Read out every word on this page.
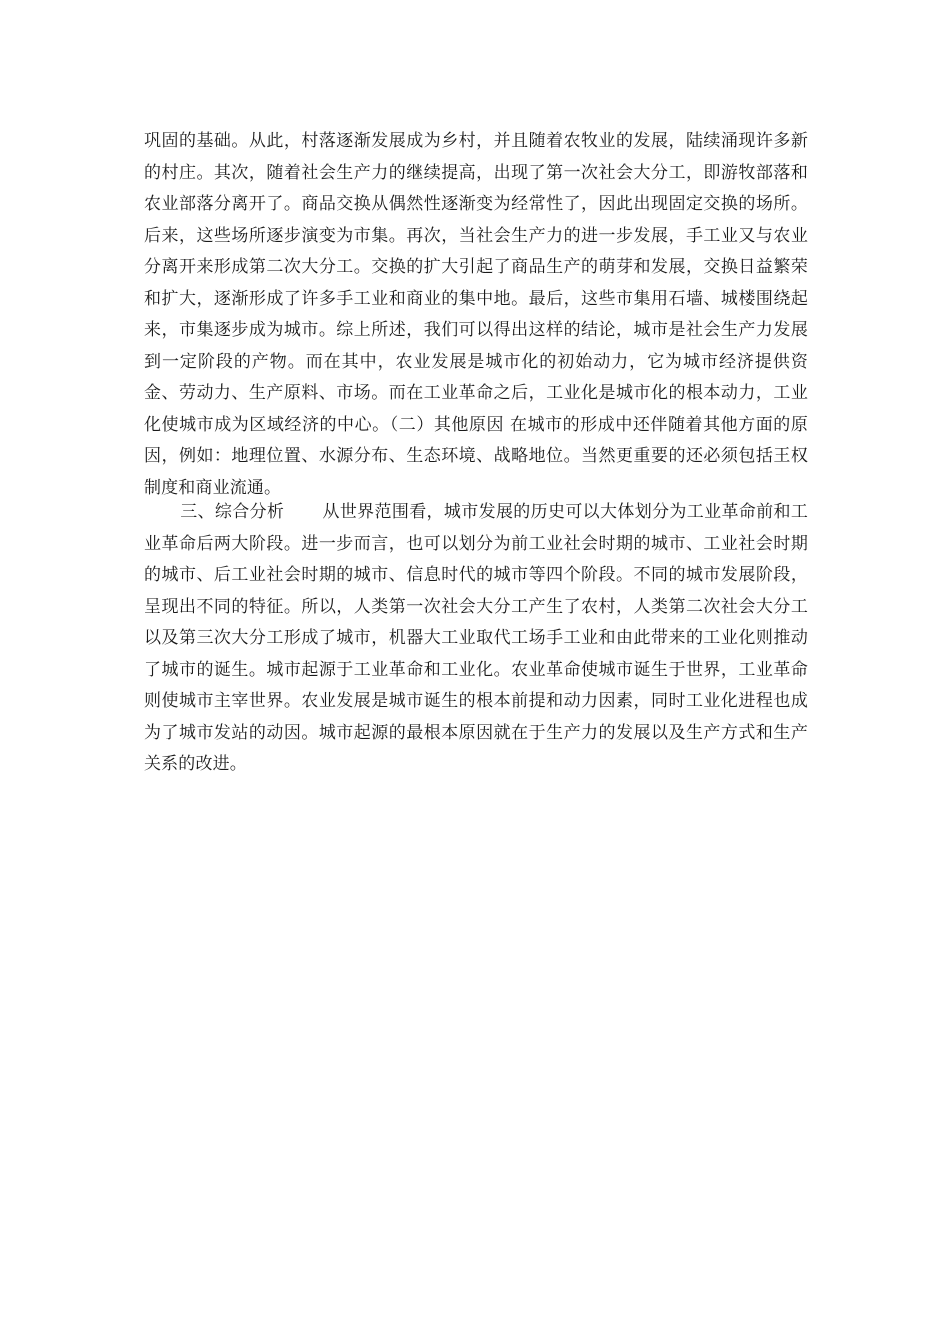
巩固的基础。从此，村落逐渐发展成为乡村，并且随着农牧业的发展，陆续涌现许多新的村庄。其次，随着社会生产力的继续提高，出现了第一次社会大分工，即游牧部落和农业部落分离开了。商品交换从偶然性逐渐变为经常性了，因此出现固定交换的场所。后来，这些场所逐步演变为市集。再次，当社会生产力的进一步发展，手工业又与农业分离开来形成第二次大分工。交换的扩大引起了商品生产的萌芽和发展，交换日益繁荣和扩大，逐渐形成了许多手工业和商业的集中地。最后，这些市集用石墙、城楼围绕起来，市集逐步成为城市。综上所述，我们可以得出这样的结论，城市是社会生产力发展到一定阶段的产物。而在其中，农业发展是城市化的初始动力，它为城市经济提供资金、劳动力、生产原料、市场。而在工业革命之后，工业化是城市化的根本动力，工业化使城市成为区域经济的中心。（二）其他原因 在城市的形成中还伴随着其他方面的原因，例如：地理位置、水源分布、生态环境、战略地位。当然更重要的还必须包括王权制度和商业流通。
三、综合分析 从世界范围看，城市发展的历史可以大体划分为工业革命前和工业革命后两大阶段。进一步而言，也可以划分为前工业社会时期的城市、工业社会时期的城市、后工业社会时期的城市、信息时代的城市等四个阶段。不同的城市发展阶段，呈现出不同的特征。所以，人类第一次社会大分工产生了农村，人类第二次社会大分工以及第三次大分工形成了城市，机器大工业取代工场手工业和由此带来的工业化则推动了城市的诞生。城市起源于工业革命和工业化。农业革命使城市诞生于世界，工业革命则使城市主宰世界。农业发展是城市诞生的根本前提和动力因素，同时工业化进程也成为了城市发站的动因。城市起源的最根本原因就在于生产力的发展以及生产方式和生产关系的改进。
